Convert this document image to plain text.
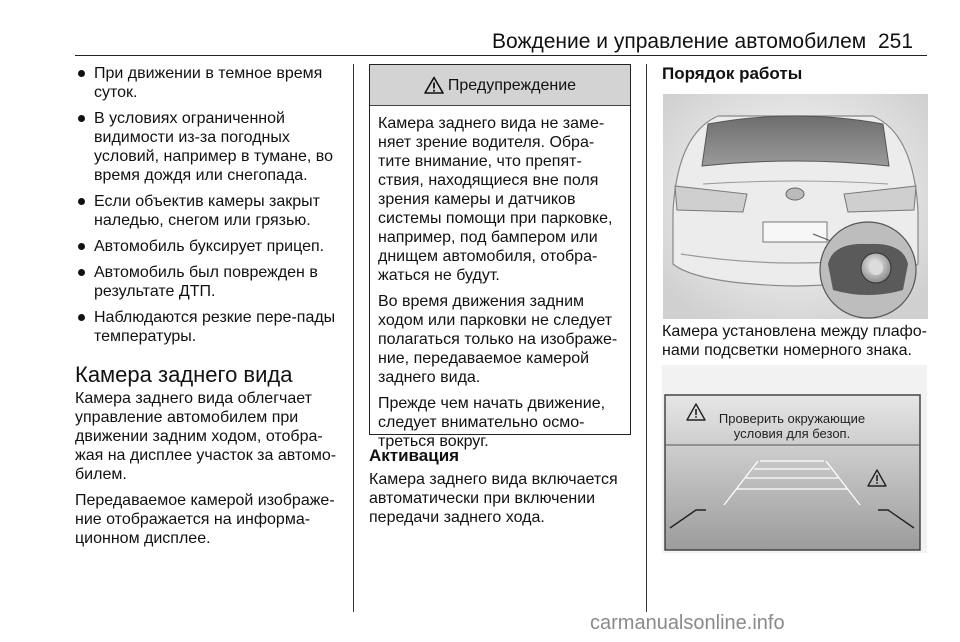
Вождение и управление автомобилем 251
При движении в темное время суток.
В условиях ограниченной видимости из-за погодных условий, например в тумане, во время дождя или снегопада.
Если объектив камеры закрыт наледью, снегом или грязью.
Автомобиль буксирует прицеп.
Автомобиль был поврежден в результате ДТП.
Наблюдаются резкие пере-пады температуры.
Камера заднего вида

Камера заднего вида облегчает управление автомобилем при движении задним ходом, отобра-жая на дисплее участок за автомо-билем.

Передаваемое камерой изображе-ние отображается на информа-ционном дисплее.

Предупреждение

Камера заднего вида не заме-няет зрение водителя. Обра-тите внимание, что препят-ствия, находящиеся вне поля зрения камеры и датчиков системы помощи при парковке, например, под бампером или днищем автомобиля, отобра-жаться не будут.

Во время движения задним ходом или парковки не следует полагаться только на изображе-ние, передаваемое камерой заднего вида.

Прежде чем начать движение, следует внимательно осмо-треться вокруг.

Активация

Камера заднего вида включается автоматически при включении передачи заднего хода.

Порядок работы
Камера установлена между плафо-нами подсветки номерного знака.
Проверить окружающие
условия для безоп.
carmanualsonline.info
